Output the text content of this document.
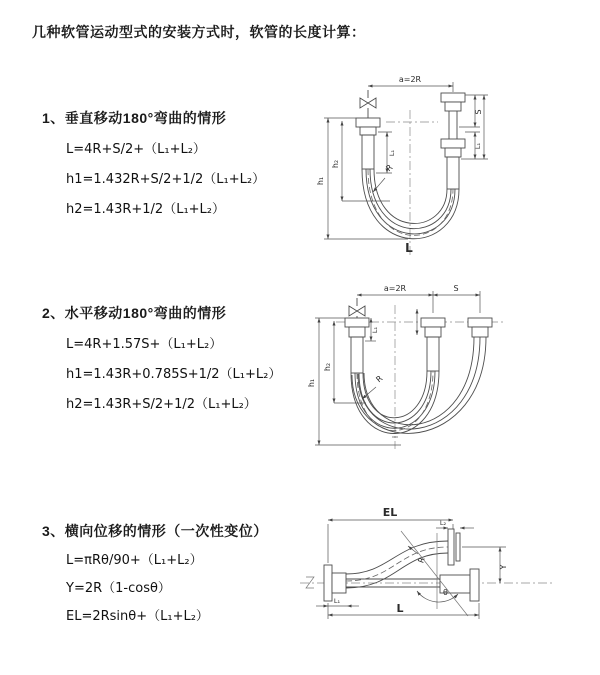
几种软管运动型式的安装方式时，软管的长度计算：
1、垂直移动180°弯曲的情形
L=4R+S/2+（L₁+L₂）
h1=1.432R+S/2+1/2（L₁+L₂）
h2=1.43R+1/2（L₁+L₂）
a=2R
h₁
h₂
L₁
S
L₁
R
L
2、水平移动180°弯曲的情形
L=4R+1.57S+（L₁+L₂）
h1=1.43R+0.785S+1/2（L₁+L₂）
h2=1.43R+S/2+1/2（L₁+L₂）
a=2R	S
h₁
h₂
L₁
R
3、横向位移的情形（一次性变位）
L=πRθ/90+（L₁+L₂）
Y=2R（1-cosθ）
EL=2Rsinθ+（L₁+L₂）
EL
L₂
θ
R
Y
L₁
L
